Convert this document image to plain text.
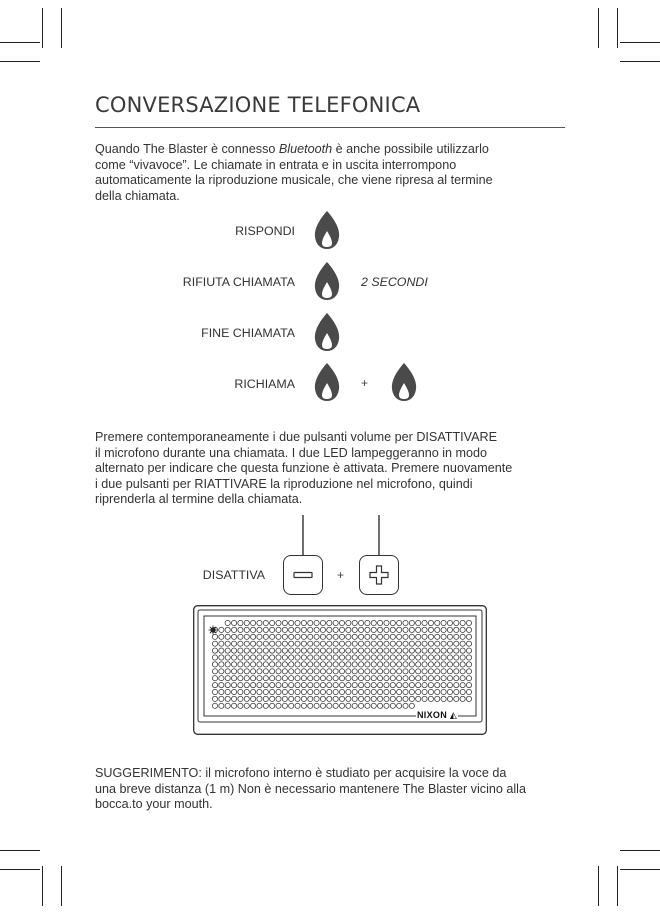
CONVERSAZIONE TELEFONICA
Quando The Blaster è connesso Bluetooth è anche possibile utilizzarlo
come “vivavoce”. Le chiamate in entrata e in uscita interrompono
automaticamente la riproduzione musicale, che viene ripresa al termine
della chiamata.
RISPONDI
RIFIUTA CHIAMATA	2 SECONDI
FINE CHIAMATA
RICHIAMA	+
Premere contemporaneamente i due pulsanti volume per DISATTIVARE
il microfono durante una chiamata. I due LED lampeggeranno in modo
alternato per indicare che questa funzione è attivata. Premere nuovamente
i due pulsanti per RIATTIVARE la riproduzione nel microfono, quindi
riprenderla al termine della chiamata.
DISATTIVA	+
NIXON ◭
SUGGERIMENTO: il microfono interno è studiato per acquisire la voce da
una breve distanza (1 m) Non è necessario mantenere The Blaster vicino alla
bocca.to your mouth.
